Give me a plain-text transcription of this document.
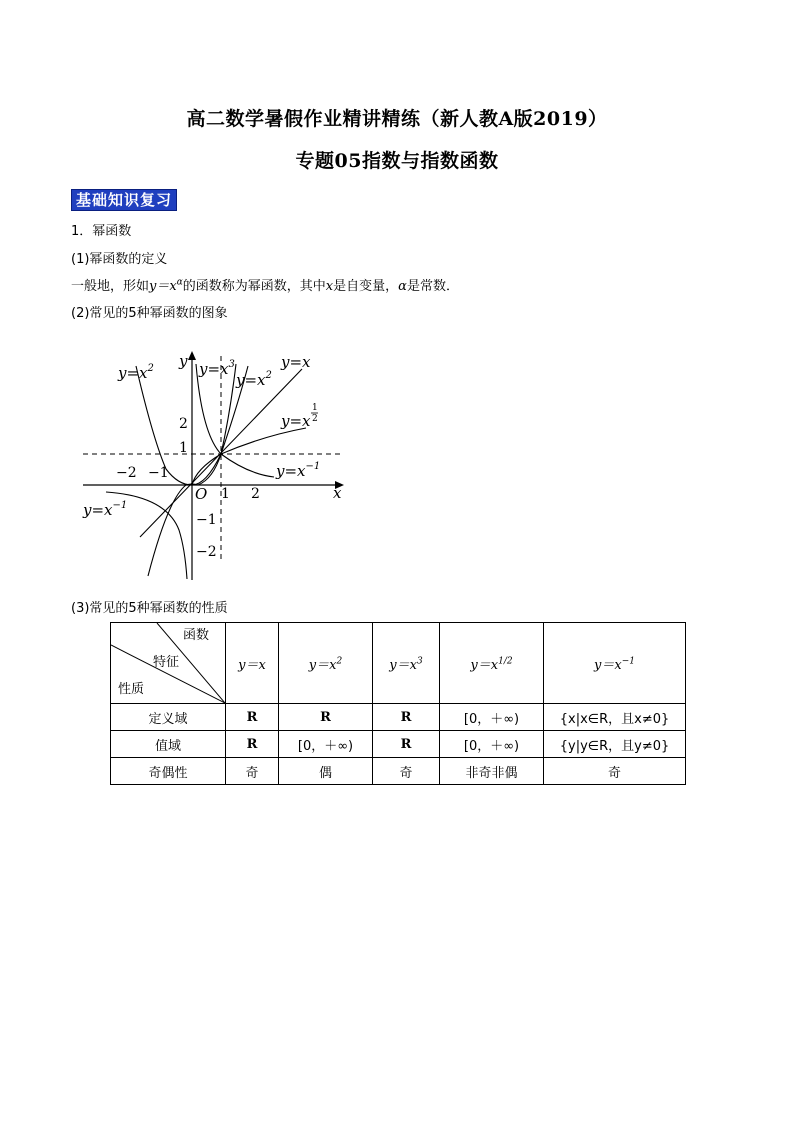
高二数学暑假作业精讲精练（新人教A版2019）
专题05指数与指数函数
基础知识复习
1．幂函数
(1)幂函数的定义
一般地，形如$y=x^\alpha$的函数称为幂函数，其中x是自变量，α是常数．
(2)常见的5种幂函数的图象
y
x
O
−2 −1
1 2
2
1
−1
−2
$y=x^2$	$y=x^3$
$y=x^2$
y=x
y=x
1
2
$y=x^{-1}$
$y=x^{-1}$
(3)常见的5种幂函数的性质
函数
特征
性质	y＝x	$y=x^2$	$y=x^3$	$y=x^{1/2}$	$y=x^{-1}$
定义域	R	R	R	[0，＋∞)	{x|x∈R，且x≠0}
值域	R	[0，＋∞)	R	[0，＋∞)	{y|y∈R，且y≠0}
奇偶性	奇	偶	奇	非奇非偶	奇
